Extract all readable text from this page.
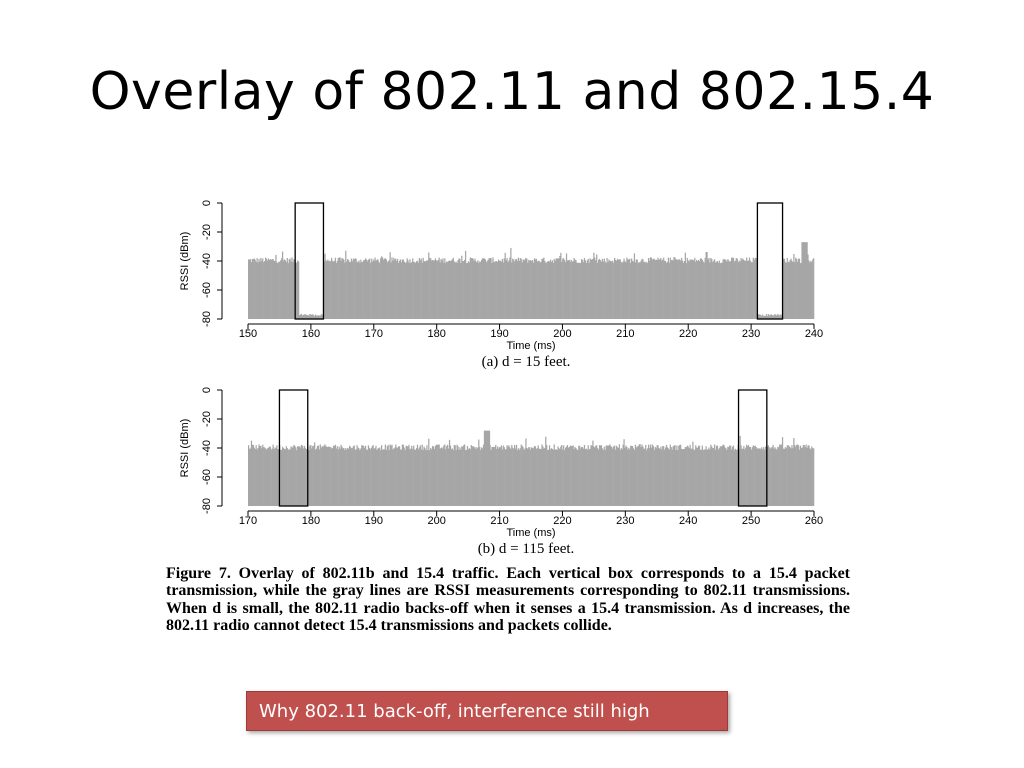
Overlay of 802.11 and 802.15.4
0
-20
-40
-60
-80
RSSI (dBm)
150	160	170	180	190	200	210	220	230	240
Time (ms)
(a) d = 15 feet.
0
-20
-40
-60
-80
RSSI (dBm)
170	180	190	200	210	220	230	240	250	260
Time (ms)
(b) d = 115 feet.

Figure 7. Overlay of 802.11b and 15.4 traffic. Each vertical box corresponds to a 15.4 packet transmission, while the gray lines are RSSI measurements corresponding to 802.11 transmissions. When d is small, the 802.11 radio backs-off when it senses a 15.4 transmission. As d increases, the 802.11 radio cannot detect 15.4 transmissions and packets collide.

Why 802.11 back-off, interference still high
